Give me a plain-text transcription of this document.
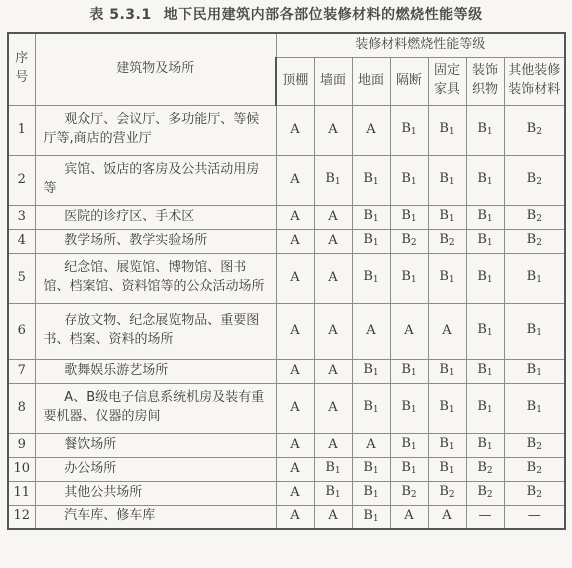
表 5.3.1 地下民用建筑内部各部位装修材料的燃烧性能等级
序号	建筑物及场所	装修材料燃烧性能等级						
		顶棚	墙面	地面	隔断	固定家具	装饰织物	其他装修装饰材料
1	观众厅、会议厅、多功能厅、等候厅等,商店的营业厅	A	A	A	$B_1$	$B_1$	$B_1$	$B_2$
2	宾馆、饭店的客房及公共活动用房等	A	$B_1$	$B_1$	$B_1$	$B_1$	$B_1$	$B_2$
3	医院的诊疗区、手术区	A	A	$B_1$	$B_1$	$B_1$	$B_1$	$B_2$
4	教学场所、教学实验场所	A	A	$B_1$	$B_2$	$B_2$	$B_1$	$B_2$
5	纪念馆、展览馆、博物馆、图书馆、档案馆、资料馆等的公众活动场所	A	A	$B_1$	$B_1$	$B_1$	$B_1$	$B_1$
6	存放文物、纪念展览物品、重要图书、档案、资料的场所	A	A	A	A	A	$B_1$	$B_1$
7	歌舞娱乐游艺场所	A	A	$B_1$	$B_1$	$B_1$	$B_1$	$B_1$
8	A、B级电子信息系统机房及装有重要机器、仪器的房间	A	A	$B_1$	$B_1$	$B_1$	$B_1$	$B_1$
9	餐饮场所	A	A	A	$B_1$	$B_1$	$B_1$	$B_2$
10	办公场所	A	$B_1$	$B_1$	$B_1$	$B_1$	$B_2$	$B_2$
11	其他公共场所	A	$B_1$	$B_1$	$B_2$	$B_2$	$B_2$	$B_2$
12	汽车库、修车库	A	A	$B_1$	A	A	—	—
